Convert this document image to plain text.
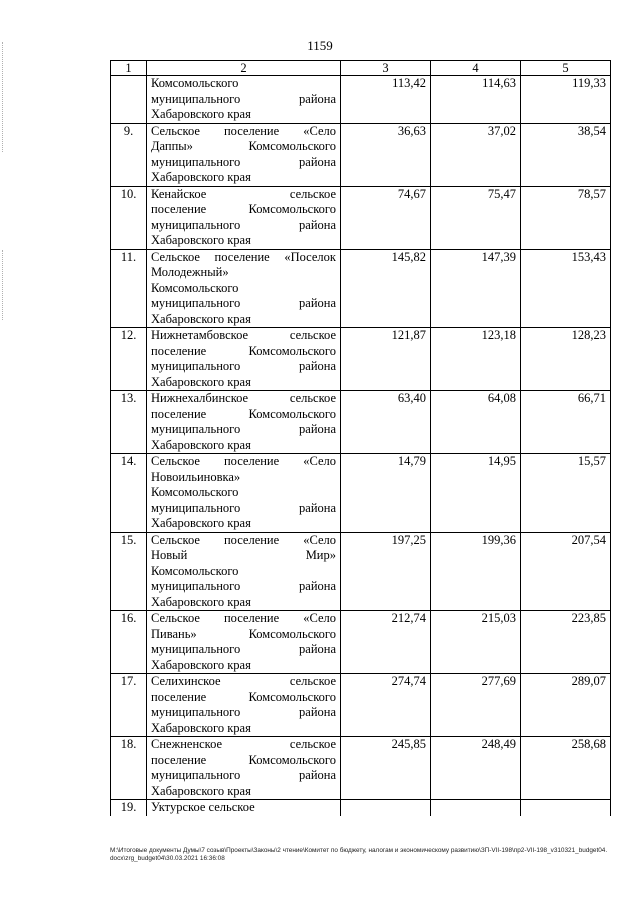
1159
1	2	3	4	5

	Комсомольского
муниципального района
Хабаровского края	113,42	114,63	119,33
9.	Сельское поселение «Село
Даппы» Комсомольского
муниципального района
Хабаровского края	36,63	37,02	38,54
10.	Кенайское сельское
поселение Комсомольского
муниципального района
Хабаровского края	74,67	75,47	78,57
11.	Сельское поселение «Поселок
Молодежный»
Комсомольского
муниципального района
Хабаровского края	145,82	147,39	153,43
12.	Нижнетамбовское сельское
поселение Комсомольского
муниципального района
Хабаровского края	121,87	123,18	128,23
13.	Нижнехалбинское сельское
поселение Комсомольского
муниципального района
Хабаровского края	63,40	64,08	66,71
14.	Сельское поселение «Село
Новоильиновка»
Комсомольского
муниципального района
Хабаровского края	14,79	14,95	15,57
15.	Сельское поселение «Село
Новый Мир»
Комсомольского
муниципального района
Хабаровского края	197,25	199,36	207,54
16.	Сельское поселение «Село
Пивань» Комсомольского
муниципального района
Хабаровского края	212,74	215,03	223,85
17.	Селихинское сельское
поселение Комсомольского
муниципального района
Хабаровского края	274,74	277,69	289,07
18.	Снежненское сельское
поселение Комсомольского
муниципального района
Хабаровского края	245,85	248,49	258,68
19.	Уктурское сельское			

M:\Итоговые документы Думы\7 созыв\Проекты\Законы\2 чтение\Комитет по бюджету, налогам и экономическому развитию\ЗП-VII-198\пр2-VII-198_v310321_budget04.docx\zrg_budget04\30.03.2021 16:36:08
